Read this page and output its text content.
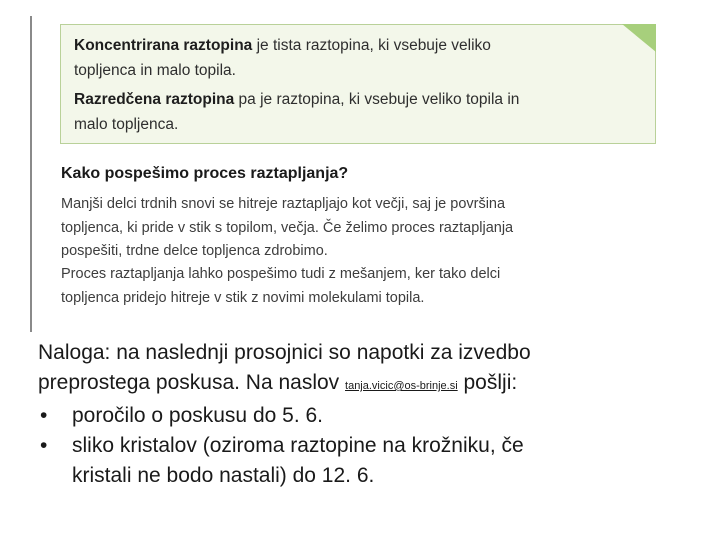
Koncentrirana raztopina je tista raztopina, ki vsebuje veliko
topljenca in malo topila.
Razredčena raztopina pa je raztopina, ki vsebuje veliko topila in
malo topljenca.
Kako pospešimo proces raztapljanja?
Manjši delci trdnih snovi se hitreje raztapljajo kot večji, saj je površina
topljenca, ki pride v stik s topilom, večja. Če želimo proces raztapljanja
pospešiti, trdne delce topljenca zdrobimo.
Proces raztapljanja lahko pospešimo tudi z mešanjem, ker tako delci
topljenca pridejo hitreje v stik z novimi molekulami topila.
Naloga: na naslednji prosojnici so napotki za izvedbo
preprostega poskusa. Na naslov tanja.vicic@os-brinje.si pošlji:
• poročilo o poskusu do 5. 6.
• sliko kristalov (oziroma raztopine na krožniku, če
kristali ne bodo nastali) do 12. 6.
